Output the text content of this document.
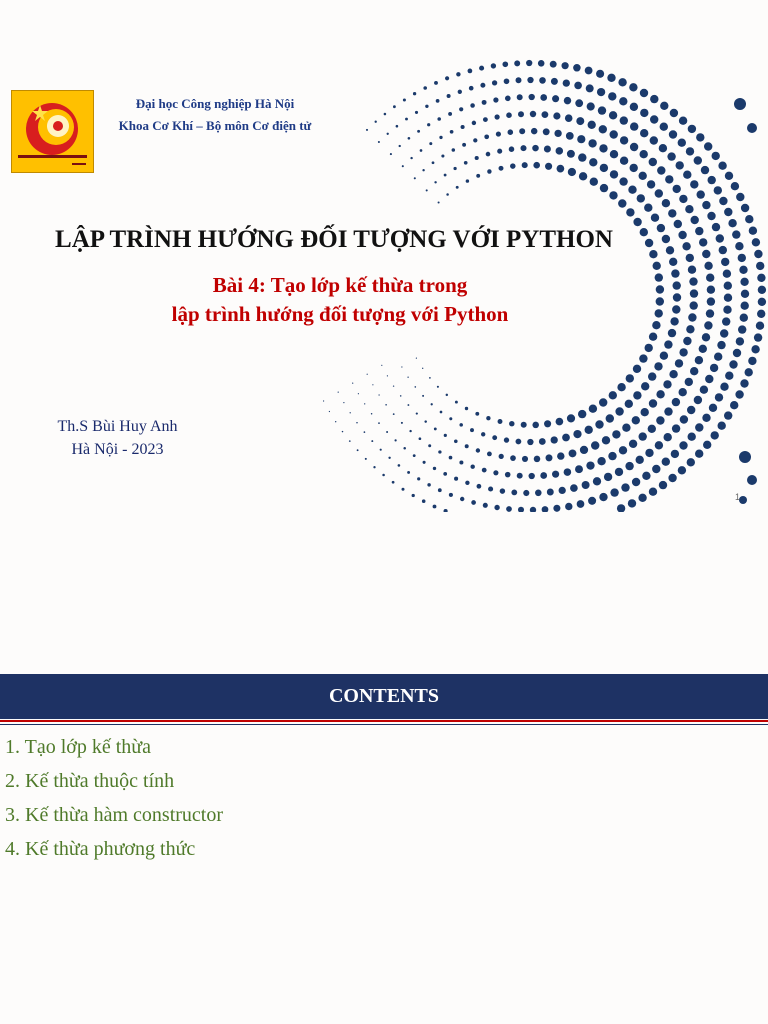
Đại học Công nghiệp Hà Nội
Khoa Cơ Khí – Bộ môn Cơ điện tử
LẬP TRÌNH HƯỚNG ĐỐI TƯỢNG VỚI PYTHON
Bài 4: Tạo lớp kế thừa trong
lập trình hướng đối tượng với Python
Th.S Bùi Huy Anh
Hà Nội - 2023
1
CONTENTS
1. Tạo lớp kế thừa
2. Kế thừa thuộc tính
3. Kế thừa hàm constructor
4. Kế thừa phương thức
